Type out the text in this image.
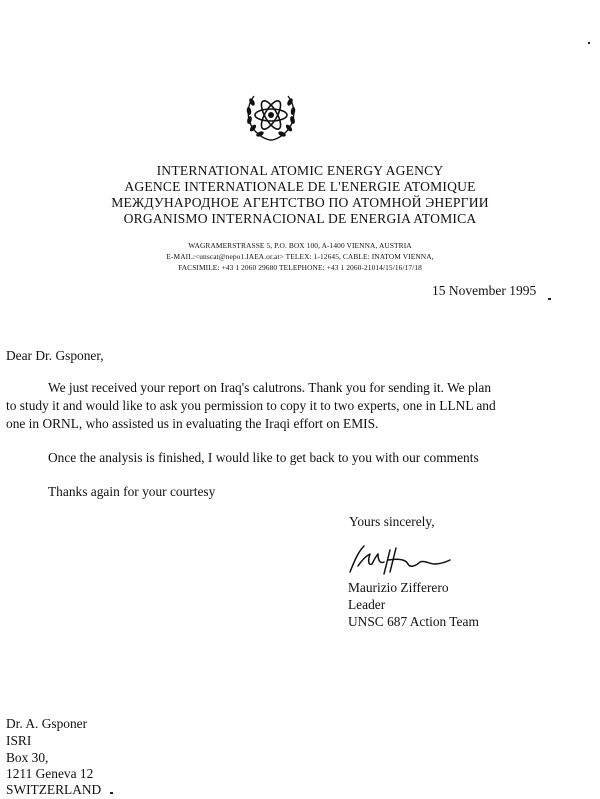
INTERNATIONAL ATOMIC ENERGY AGENCY
AGENCE INTERNATIONALE DE L'ENERGIE ATOMIQUE
МЕЖДУНАРОДНОЕ АГЕНТСТВО ПО АТОМНОЙ ЭНЕРГИИ
ORGANISMO INTERNACIONAL DE ENERGIA ATOMICA
WAGRAMERSTRASSE 5, P.O. BOX 100, A-1400 VIENNA, AUSTRIA
E-MAIL:<unscat@nepo1.IAEA.or.at> TELEX: 1-12645, CABLE: INATOM VIENNA,
FACSIMILE: +43 1 2060 29680 TELEPHONE: +43 1 2060-21014/15/16/17/18
15 November 1995
Dear Dr. Gsponer,
We just received your report on Iraq's calutrons. Thank you for sending it. We plan
to study it and would like to ask you permission to copy it to two experts, one in LLNL and
one in ORNL, who assisted us in evaluating the Iraqi effort on EMIS.
Once the analysis is finished, I would like to get back to you with our comments
Thanks again for your courtesy
Yours sincerely,
Maurizio Zifferero
Leader
UNSC 687 Action Team
Dr. A. Gsponer
ISRI
Box 30,
1211 Geneva 12
SWITZERLAND
